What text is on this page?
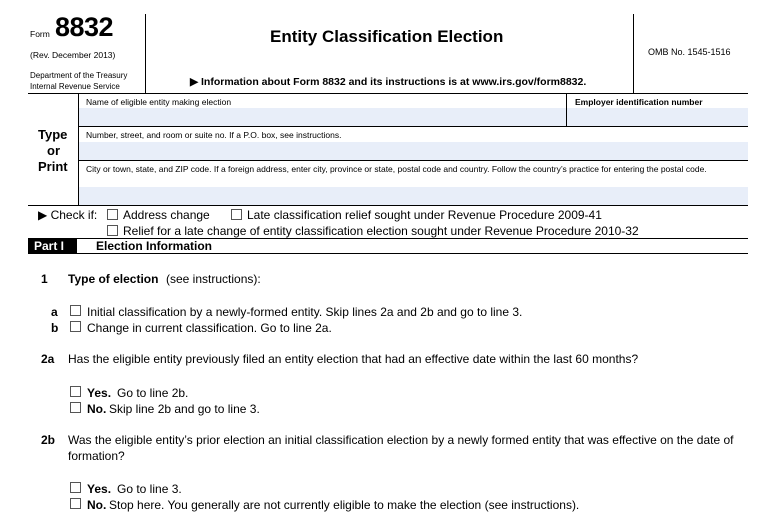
Form 8832
(Rev. December 2013)
Department of the Treasury
Internal Revenue Service
Entity Classification Election
▶ Information about Form 8832 and its instructions is at www.irs.gov/form8832.
OMB No. 1545-1516
Type
or
Print
Name of eligible entity making election	Employer identification number
Number, street, and room or suite no. If a P.O. box, see instructions.
City or town, state, and ZIP code. If a foreign address, enter city, province or state, postal code and country. Follow the country’s practice for entering the postal code.
▶ Check if: Address change	Late classification relief sought under Revenue Procedure 2009-41
Relief for a late change of entity classification election sought under Revenue Procedure 2010-32
Part I	Election Information
1 Type of election (see instructions):
a Initial classification by a newly-formed entity. Skip lines 2a and 2b and go to line 3.
b Change in current classification. Go to line 2a.
2a Has the eligible entity previously filed an entity election that had an effective date within the last 60 months?
Yes. Go to line 2b.
No. Skip line 2b and go to line 3.
2b Was the eligible entity’s prior election an initial classification election by a newly formed entity that was effective on the date of
formation?
Yes. Go to line 3.
No. Stop here. You generally are not currently eligible to make the election (see instructions).
